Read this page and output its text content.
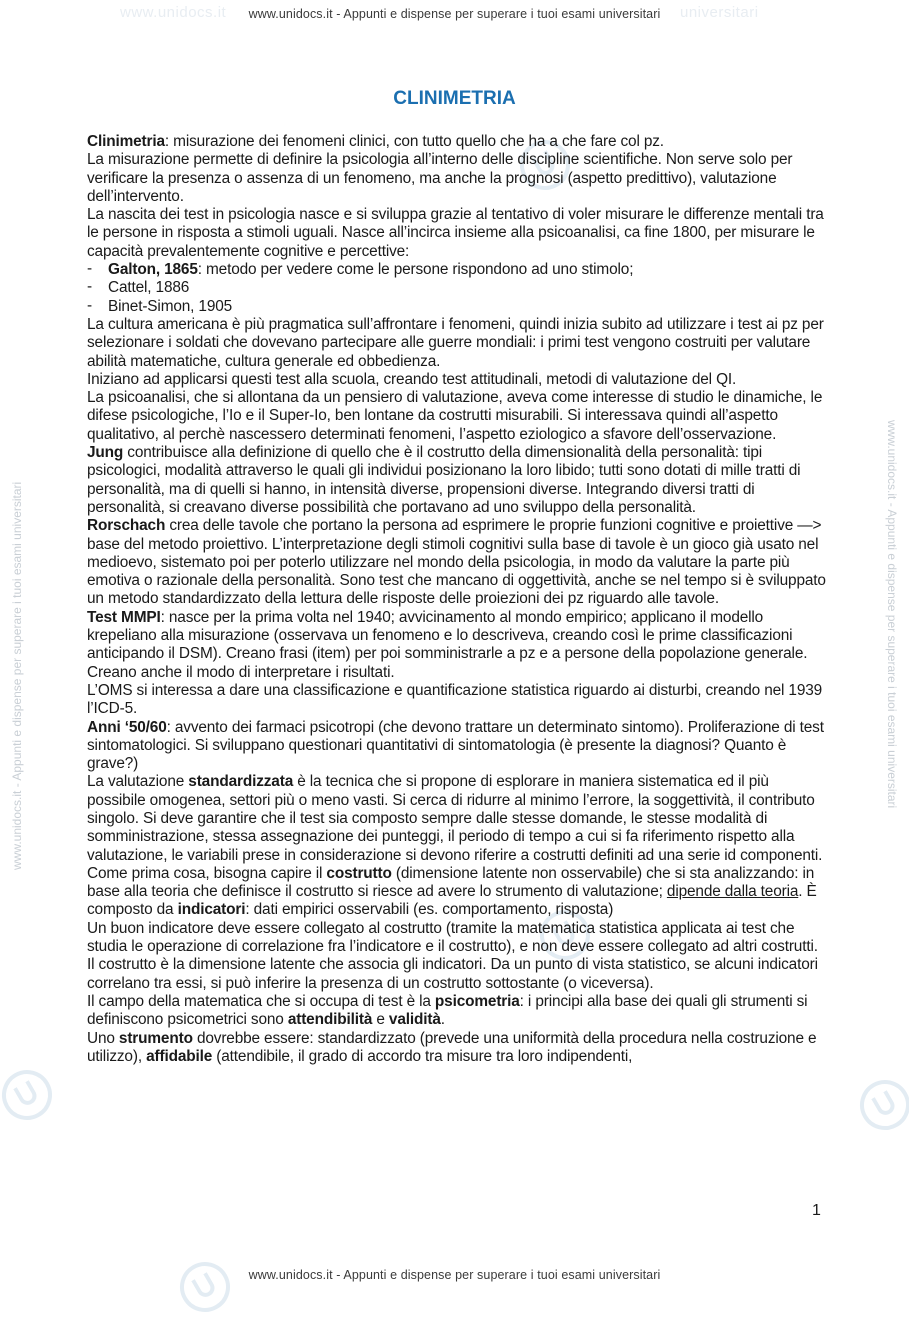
www.unidocs.it - Appunti e dispense per superare i tuoi esami universitari
www.unidocs.it	universitari
www.unidocs.it - Appunti e dispense per superare i tuoi esami universitari	www.unidocs.it - Appunti e dispense per superare i tuoi esami universitari
CLINIMETRIA

Clinimetria: misurazione dei fenomeni clinici, con tutto quello che ha a che fare col pz.

La misurazione permette di definire la psicologia all’interno delle discipline scientifiche. Non serve solo per verificare la presenza o assenza di un fenomeno, ma anche la prognosi (aspetto predittivo), valutazione dell’intervento.

La nascita dei test in psicologia nasce e si sviluppa grazie al tentativo di voler misurare le differenze mentali tra le persone in risposta a stimoli uguali. Nasce all’incirca insieme alla psicoanalisi, ca fine 1800, per misurare le capacità prevalentemente cognitive e percettive:

- Galton, 1865: metodo per vedere come le persone rispondono ad uno stimolo;
- Cattel, 1886
- Binet-Simon, 1905

La cultura americana è più pragmatica sull’affrontare i fenomeni, quindi inizia subito ad utilizzare i test ai pz per selezionare i soldati che dovevano partecipare alle guerre mondiali: i primi test vengono costruiti per valutare abilità matematiche, cultura generale ed obbedienza.

Iniziano ad applicarsi questi test alla scuola, creando test attitudinali, metodi di valutazione del QI.

La psicoanalisi, che si allontana da un pensiero di valutazione, aveva come interesse di studio le dinamiche, le difese psicologiche, l’Io e il Super-Io, ben lontane da costrutti misurabili. Si interessava quindi all’aspetto qualitativo, al perchè nascessero determinati fenomeni, l’aspetto eziologico a sfavore dell’osservazione.

Jung contribuisce alla definizione di quello che è il costrutto della dimensionalità della personalità: tipi psicologici, modalità attraverso le quali gli individui posizionano la loro libido; tutti sono dotati di mille tratti di personalità, ma di quelli si hanno, in intensità diverse, propensioni diverse. Integrando diversi tratti di personalità, si creavano diverse possibilità che portavano ad uno sviluppo della personalità.

Rorschach crea delle tavole che portano la persona ad esprimere le proprie funzioni cognitive e proiettive —> base del metodo proiettivo. L’interpretazione degli stimoli cognitivi sulla base di tavole è un gioco già usato nel medioevo, sistemato poi per poterlo utilizzare nel mondo della psicologia, in modo da valutare la parte più emotiva o razionale della personalità. Sono test che mancano di oggettività, anche se nel tempo si è sviluppato un metodo standardizzato della lettura delle risposte delle proiezioni dei pz riguardo alle tavole.

Test MMPI: nasce per la prima volta nel 1940; avvicinamento al mondo empirico; applicano il modello krepeliano alla misurazione (osservava un fenomeno e lo descriveva, creando così le prime classificazioni anticipando il DSM). Creano frasi (item) per poi somministrarle a pz e a persone della popolazione generale. Creano anche il modo di interpretare i risultati.

L’OMS si interessa a dare una classificazione e quantificazione statistica riguardo ai disturbi, creando nel 1939 l’ICD-5.

Anni ‘50/60: avvento dei farmaci psicotropi (che devono trattare un determinato sintomo). Proliferazione di test sintomatologici. Si sviluppano questionari quantitativi di sintomatologia (è presente la diagnosi? Quanto è grave?)

La valutazione standardizzata è la tecnica che si propone di esplorare in maniera sistematica ed il più possibile omogenea, settori più o meno vasti. Si cerca di ridurre al minimo l’errore, la soggettività, il contributo singolo. Si deve garantire che il test sia composto sempre dalle stesse domande, le stesse modalità di somministrazione, stessa assegnazione dei punteggi, il periodo di tempo a cui si fa riferimento rispetto alla valutazione, le variabili prese in considerazione si devono riferire a costrutti definiti ad una serie id componenti.

Come prima cosa, bisogna capire il costrutto (dimensione latente non osservabile) che si sta analizzando: in base alla teoria che definisce il costrutto si riesce ad avere lo strumento di valutazione; dipende dalla teoria. È composto da indicatori: dati empirici osservabili (es. comportamento, risposta)

Un buon indicatore deve essere collegato al costrutto (tramite la matematica statistica applicata ai test che studia le operazione di correlazione fra l’indicatore e il costrutto), e non deve essere collegato ad altri costrutti. Il costrutto è la dimensione latente che associa gli indicatori. Da un punto di vista statistico, se alcuni indicatori correlano tra essi, si può inferire la presenza di un costrutto sottostante (o viceversa).

Il campo della matematica che si occupa di test è la psicometria: i principi alla base dei quali gli strumenti si definiscono psicometrici sono attendibilità e validità.

Uno strumento dovrebbe essere: standardizzato (prevede una uniformità della procedura nella costruzione e utilizzo), affidabile (attendibile, il grado di accordo tra misure tra loro indipendenti,

1
www.unidocs.it - Appunti e dispense per superare i tuoi esami universitari
